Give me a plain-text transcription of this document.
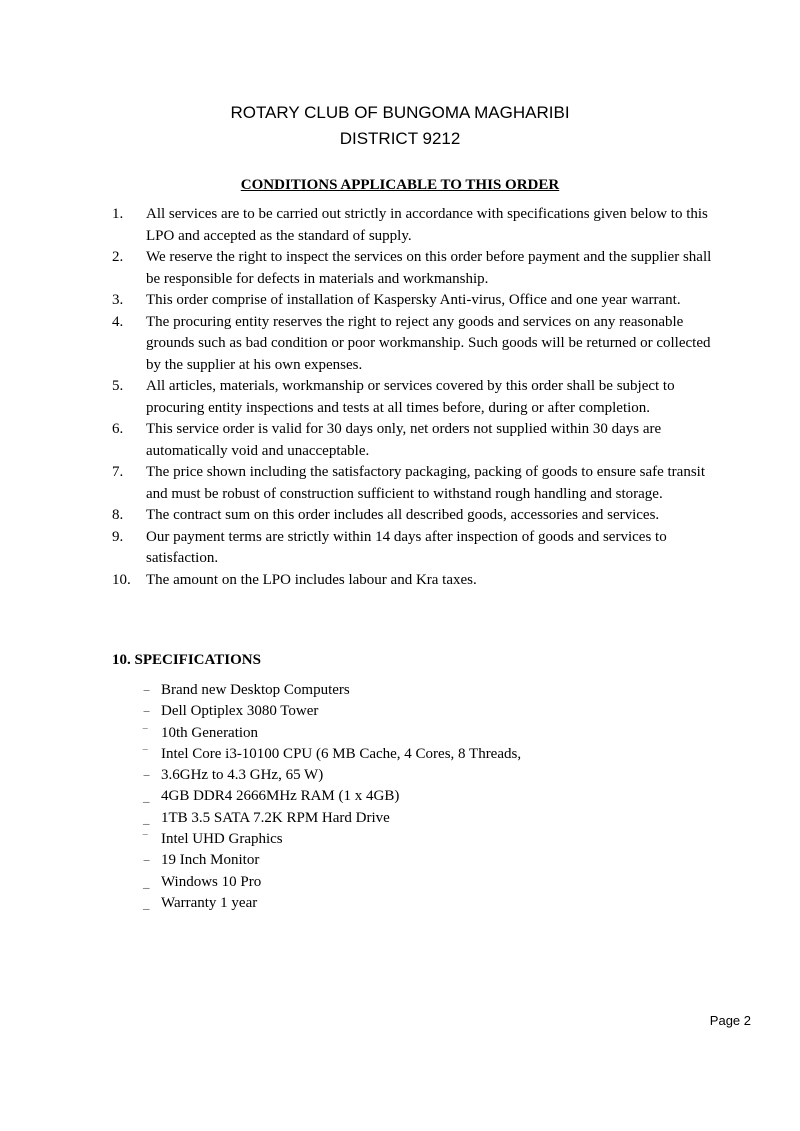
ROTARY CLUB OF BUNGOMA MAGHARIBI
DISTRICT 9212
CONDITIONS APPLICABLE TO THIS ORDER
1. All services are to be carried out strictly in accordance with specifications given below to this LPO and accepted as the standard of supply.
2. We reserve the right to inspect the services on this order before payment and the supplier shall be responsible for defects in materials and workmanship.
3. This order comprise of installation of Kaspersky Anti-virus, Office and one year warrant.
4. The procuring entity reserves the right to reject any goods and services on any reasonable grounds such as bad condition or poor workmanship. Such goods will be returned or collected by the supplier at his own expenses.
5. All articles, materials, workmanship or services covered by this order shall be subject to procuring entity inspections and tests at all times before, during or after completion.
6. This service order is valid for 30 days only, net orders not supplied within 30 days are automatically void and unacceptable.
7. The price shown including the satisfactory packaging, packing of goods to ensure safe transit and must be robust of construction sufficient to withstand rough handling and storage.
8. The contract sum on this order includes all described goods, accessories and services.
9. Our payment terms are strictly within 14 days after inspection of goods and services to satisfaction.
10. The amount on the LPO includes labour and Kra taxes.
10. SPECIFICATIONS
− Brand new Desktop Computers
− Dell Optiplex 3080 Tower
‾ 10th Generation
‾ Intel Core i3-10100 CPU (6 MB Cache, 4 Cores, 8 Threads,
− 3.6GHz to 4.3 GHz, 65 W)
_ 4GB DDR4 2666MHz RAM (1 x 4GB)
_ 1TB 3.5 SATA 7.2K RPM Hard Drive
‾ Intel UHD Graphics
− 19 Inch Monitor
_ Windows 10 Pro
_ Warranty 1 year
Page 2
